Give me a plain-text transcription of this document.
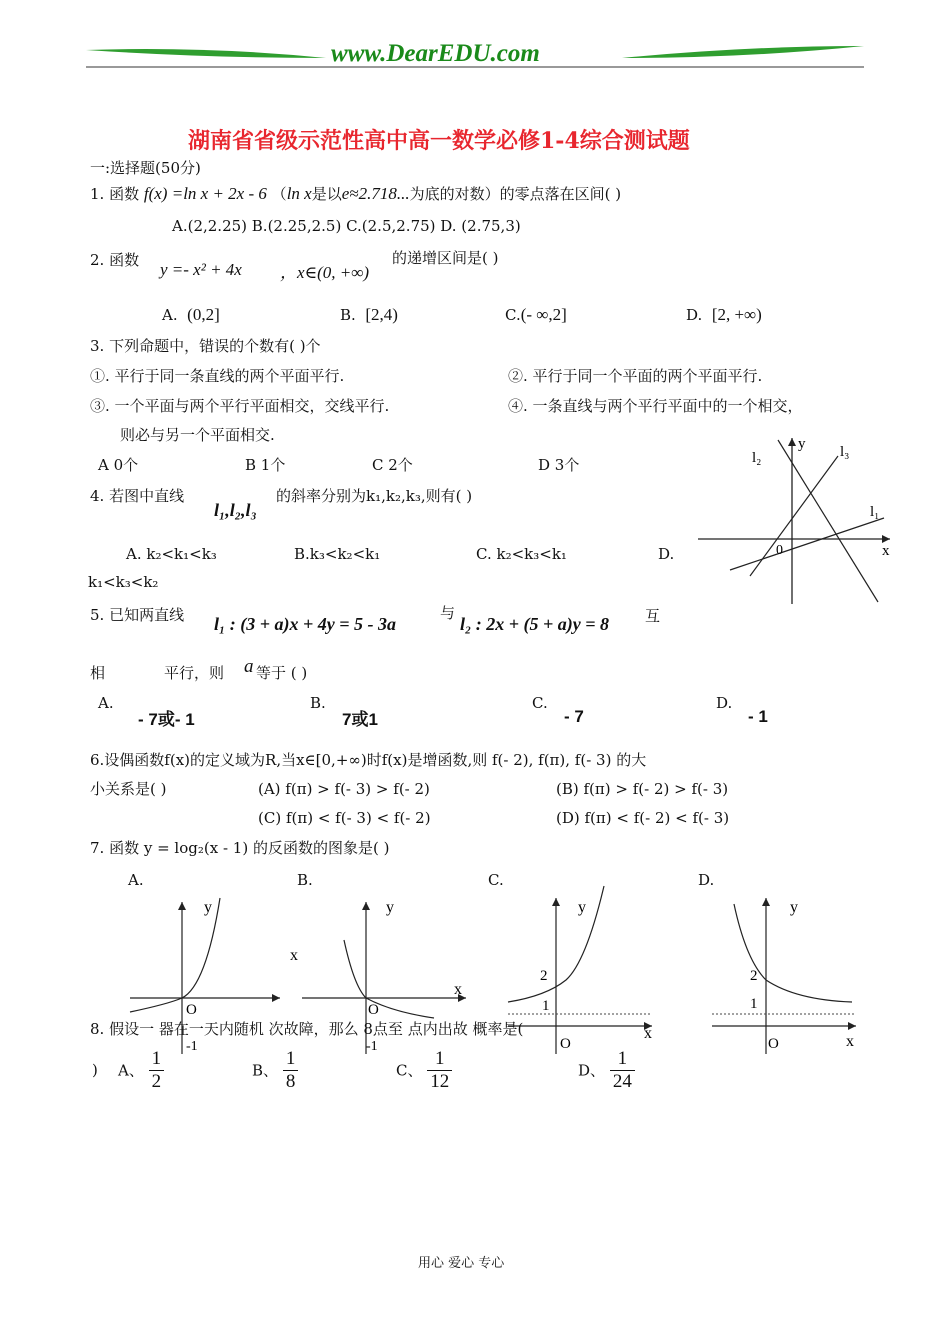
www.DearEDU.com
湖南省省级示范性高中高一数学必修1-4综合测试题
一:选择题(50分)
1. 函数 f(x) =ln x + 2x - 6 （ln x是以e≈2.718...为底的对数）的零点落在区间( )
A.(2,2.25) B.(2.25,2.5) C.(2.5,2.75) D. (2.75,3)
2. 函数 y =- x² + 4x ，x∈(0, +∞)
的递增区间是( )
A. (0,2]	B. [2,4)	C.(- ∞,2]	D. [2, +∞)
3. 下列命题中，错误的个数有( )个
①. 平行于同一条直线的两个平面平行.	②. 平行于同一个平面的两个平面平行.
③. 一个平面与两个平行平面相交，交线平行.	④. 一条直线与两个平行平面中的一个相交，
则必与另一个平面相交.
A 0个	B 1个	C 2个	D 3个
y
x
0
l₁
l₂	l₃
4. 若图中直线
l₁,l₂,l₃
的斜率分别为k₁,k₂,k₃,则有( )
A. k₂<k₁<k₃	B.k₃<k₂<k₁	C. k₂<k₃<k₁	D.
k₁<k₃<k₂
5. 已知两直线 l₁ : (3 + a)x + 4y = 5 - 3a
与
l₂ : 2x + (5 + a)y = 8 互
相	平行，则 a 等于 ( )
A.
- 7或- 1
B.
7或1
C.
- 7
D.
- 1
6.设偶函数f(x)的定义域为R,当x∈[0,+∞)时f(x)是增函数,则 f(- 2), f(π), f(- 3) 的大
小关系是( )	(A) f(π) > f(- 3) > f(- 2)	(B) f(π) > f(- 2) > f(- 3)
(C) f(π) < f(- 3) < f(- 2)	(D) f(π) < f(- 2) < f(- 3)
7. 函数 y = log₂(x - 1) 的反函数的图象是( )
A.	B.	C.	D.
y
O
-1
x
y
O
-1
x
y
2
1
O
x
y
2
1
O	x
8. 假设一 器在一天内随机 次故障，那么 8点至 点内出故 概率是(
) A、 $\frac{1}{2}$	B、 $\frac{1}{8}$	C、 $\frac{1}{12}$	D、 $\frac{1}{24}$
用心 爱心 专心
